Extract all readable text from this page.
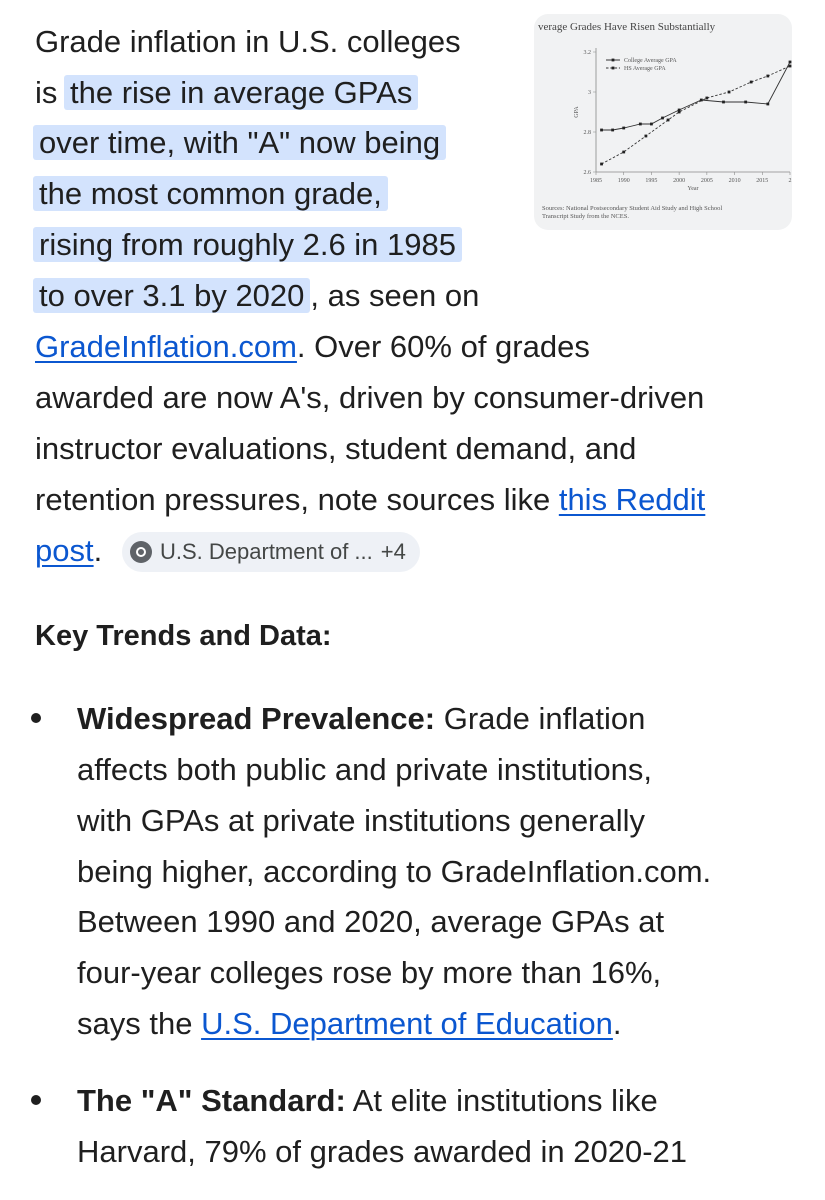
verage Grades Have Risen Substantially
2.6
2.8
3
3.2
1985	1990	1995	2000	2005	2010	2015	2
Year
GPA
College Average GPA
HS Average GPA
Sources: National Postsecondary Student Aid Study and High School
Transcript Study from the NCES.
Grade inflation in U.S. colleges
is the rise in average GPAs
over time, with "A" now being
the most common grade,
rising from roughly 2.6 in 1985
to over 3.1 by 2020 , as seen on
GradeInflation.com. Over 60% of grades
awarded are now A's, driven by consumer-driven
instructor evaluations, student demand, and
retention pressures, note sources like this Reddit
post.	U.S. Department of ... +4
Key Trends and Data:
Widespread Prevalence: Grade inflation
affects both public and private institutions,
with GPAs at private institutions generally
being higher, according to GradeInflation.com.
Between 1990 and 2020, average GPAs at
four-year colleges rose by more than 16%,
says the U.S. Department of Education.
The "A" Standard: At elite institutions like
Harvard, 79% of grades awarded in 2020-21
